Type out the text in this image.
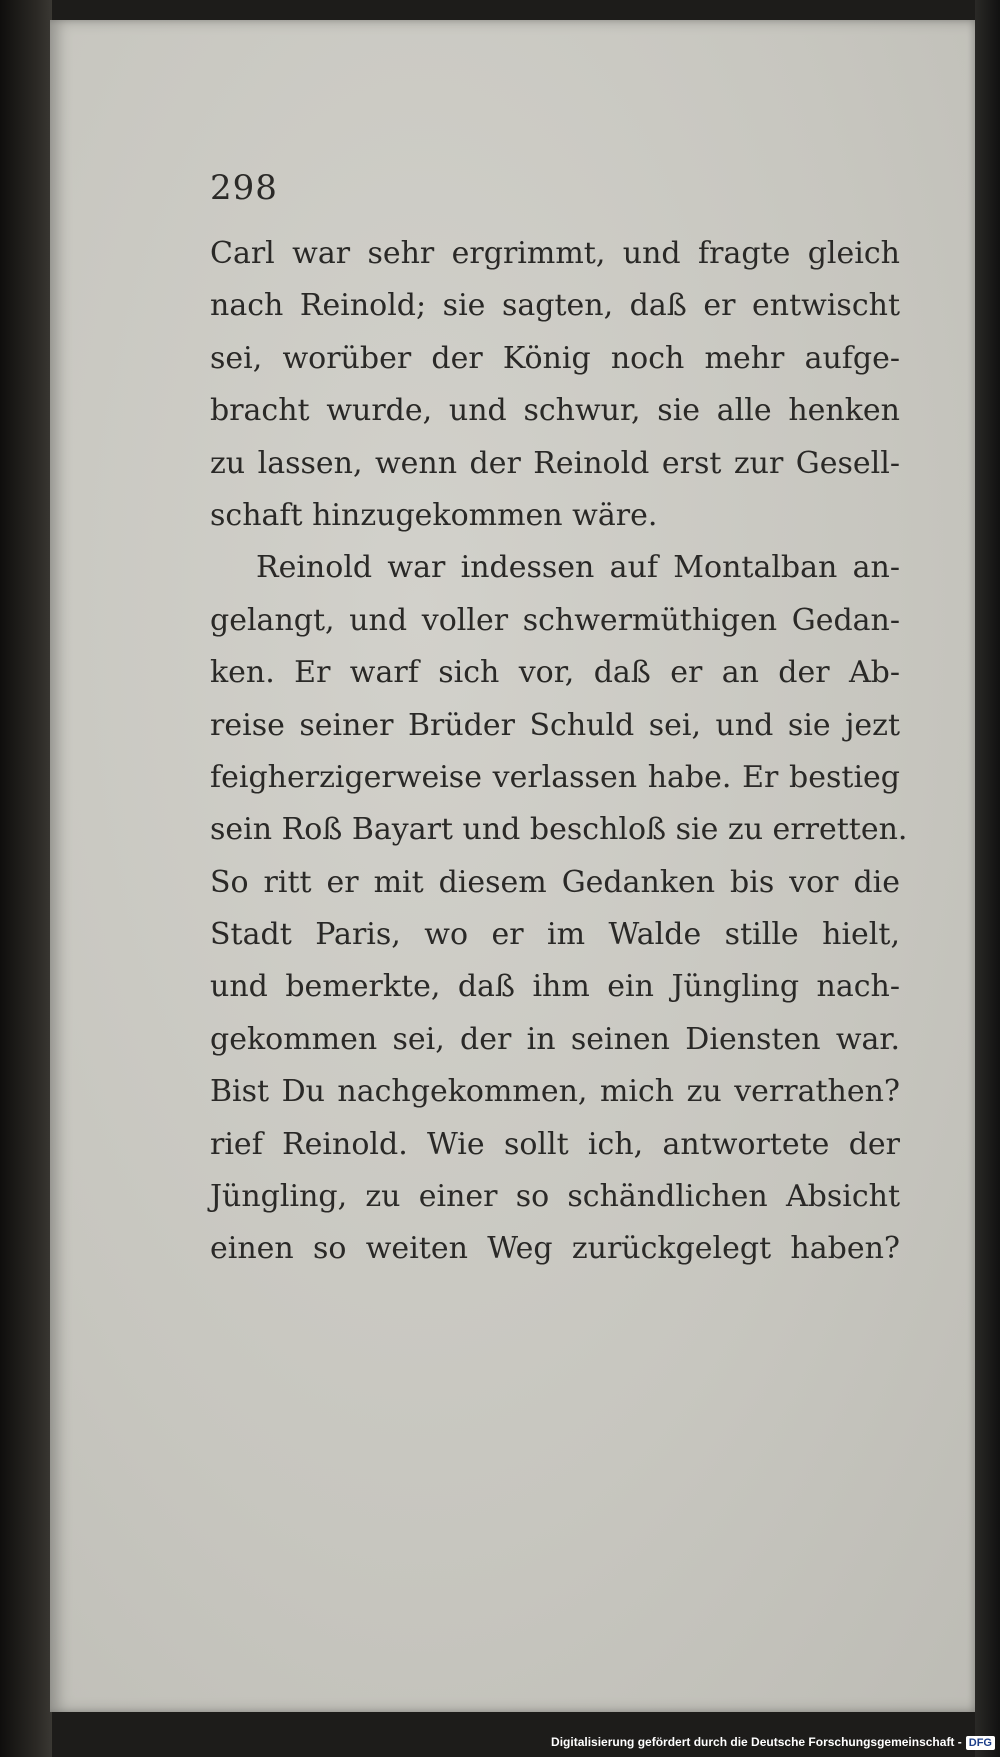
298
Carl war sehr ergrimmt, und fragte gleich
nach Reinold; sie sagten, daß er entwischt
sei, worüber der König noch mehr aufge-
bracht wurde, und schwur, sie alle henken
zu lassen, wenn der Reinold erst zur Gesell-
schaft hinzugekommen wäre.
Reinold war indessen auf Montalban an-
gelangt, und voller schwermüthigen Gedan-
ken. Er warf sich vor, daß er an der Ab-
reise seiner Brüder Schuld sei, und sie jezt
feigherzigerweise verlassen habe. Er bestieg
sein Roß Bayart und beschloß sie zu erretten.
So ritt er mit diesem Gedanken bis vor die
Stadt Paris, wo er im Walde stille hielt,
und bemerkte, daß ihm ein Jüngling nach-
gekommen sei, der in seinen Diensten war.
Bist Du nachgekommen, mich zu verrathen?
rief Reinold. Wie sollt ich, antwortete der
Jüngling, zu einer so schändlichen Absicht
einen so weiten Weg zurückgelegt haben?
Digitalisierung gefördert durch die Deutsche Forschungsgemeinschaft - DFG
